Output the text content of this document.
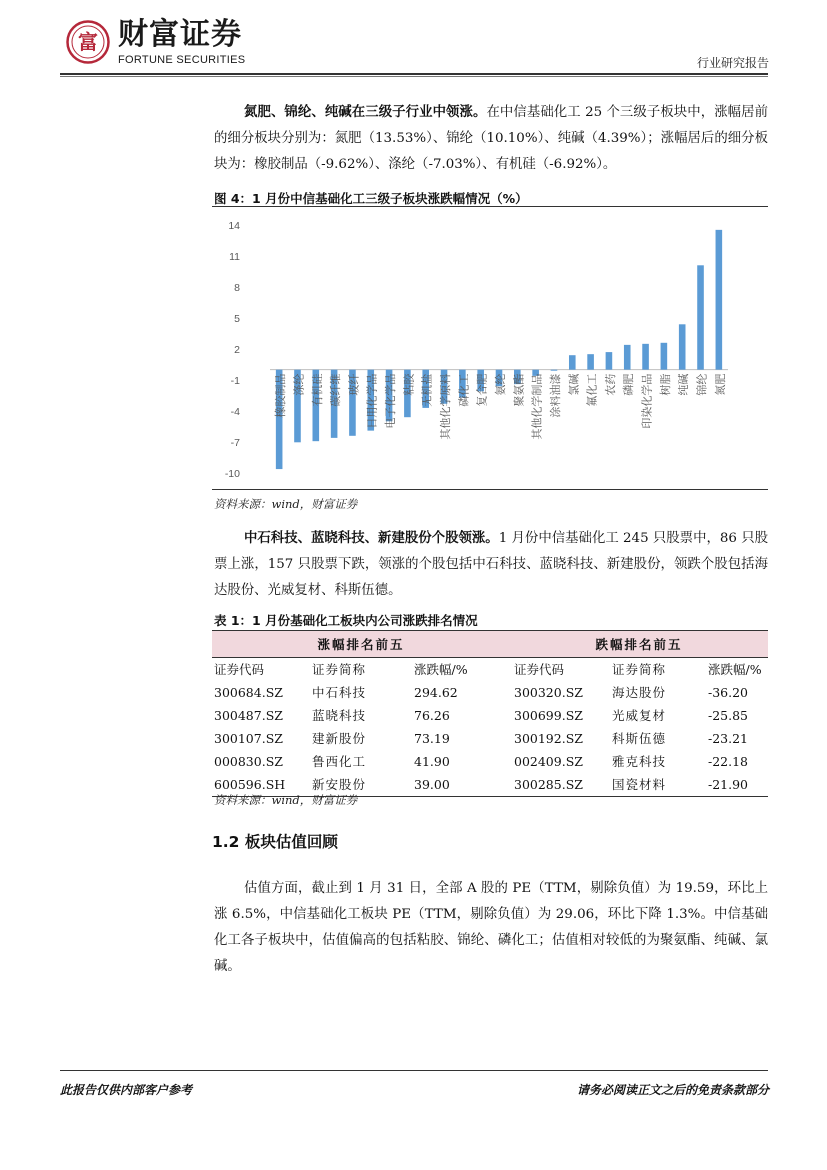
富 财富证券
FORTUNE SECURITIES	行业研究报告
氮肥、锦纶、纯碱在三级子行业中领涨。在中信基础化工 25 个三级子板块中，涨幅居前的细分板块分别为：氮肥（13.53%）、锦纶（10.10%）、纯碱（4.39%）；涨幅居后的细分板块为：橡胶制品（-9.62%）、涤纶（-7.03%）、有机硅（-6.92%）。
图 4：1 月份中信基础化工三级子板块涨跌幅情况（%）
14
11
8
5
2
-1
-4
-7
-10
橡胶制品 涤纶 有机硅 碳纤维 玻纤 日用化学品 电子化学品 粘胶 无机盐 其他化学原料 磷化工 复合肥 氨纶 聚氨酯 其他化学制品 涂料油漆 氯碱 氟化工 农药 磷肥 印染化学品 树脂 纯碱 锦纶 氮肥
资料来源：wind，财富证券
中石科技、蓝晓科技、新建股份个股领涨。1 月份中信基础化工 245 只股票中，86 只股票上涨，157 只股票下跌，领涨的个股包括中石科技、蓝晓科技、新建股份，领跌个股包括海达股份、光威复材、科斯伍德。
表 1：1 月份基础化工板块内公司涨跌排名情况
涨幅排名前五			跌幅排名前五		
证券代码	证券简称	涨跌幅/%	证券代码	证券简称	涨跌幅/%
300684.SZ	中石科技	294.62	300320.SZ	海达股份	-36.20
300487.SZ	蓝晓科技	76.26	300699.SZ	光威复材	-25.85
300107.SZ	建新股份	73.19	300192.SZ	科斯伍德	-23.21
000830.SZ	鲁西化工	41.90	002409.SZ	雅克科技	-22.18
600596.SH	新安股份	39.00	300285.SZ	国瓷材料	-21.90
资料来源：wind，财富证券
1.2 板块估值回顾
估值方面，截止到 1 月 31 日，全部 A 股的 PE（TTM，剔除负值）为 19.59，环比上涨 6.5%，中信基础化工板块 PE（TTM，剔除负值）为 29.06，环比下降 1.3%。中信基础化工各子板块中，估值偏高的包括粘胶、锦纶、磷化工；估值相对较低的为聚氨酯、纯碱、氯碱。
此报告仅供内部客户参考	请务必阅读正文之后的免责条款部分
